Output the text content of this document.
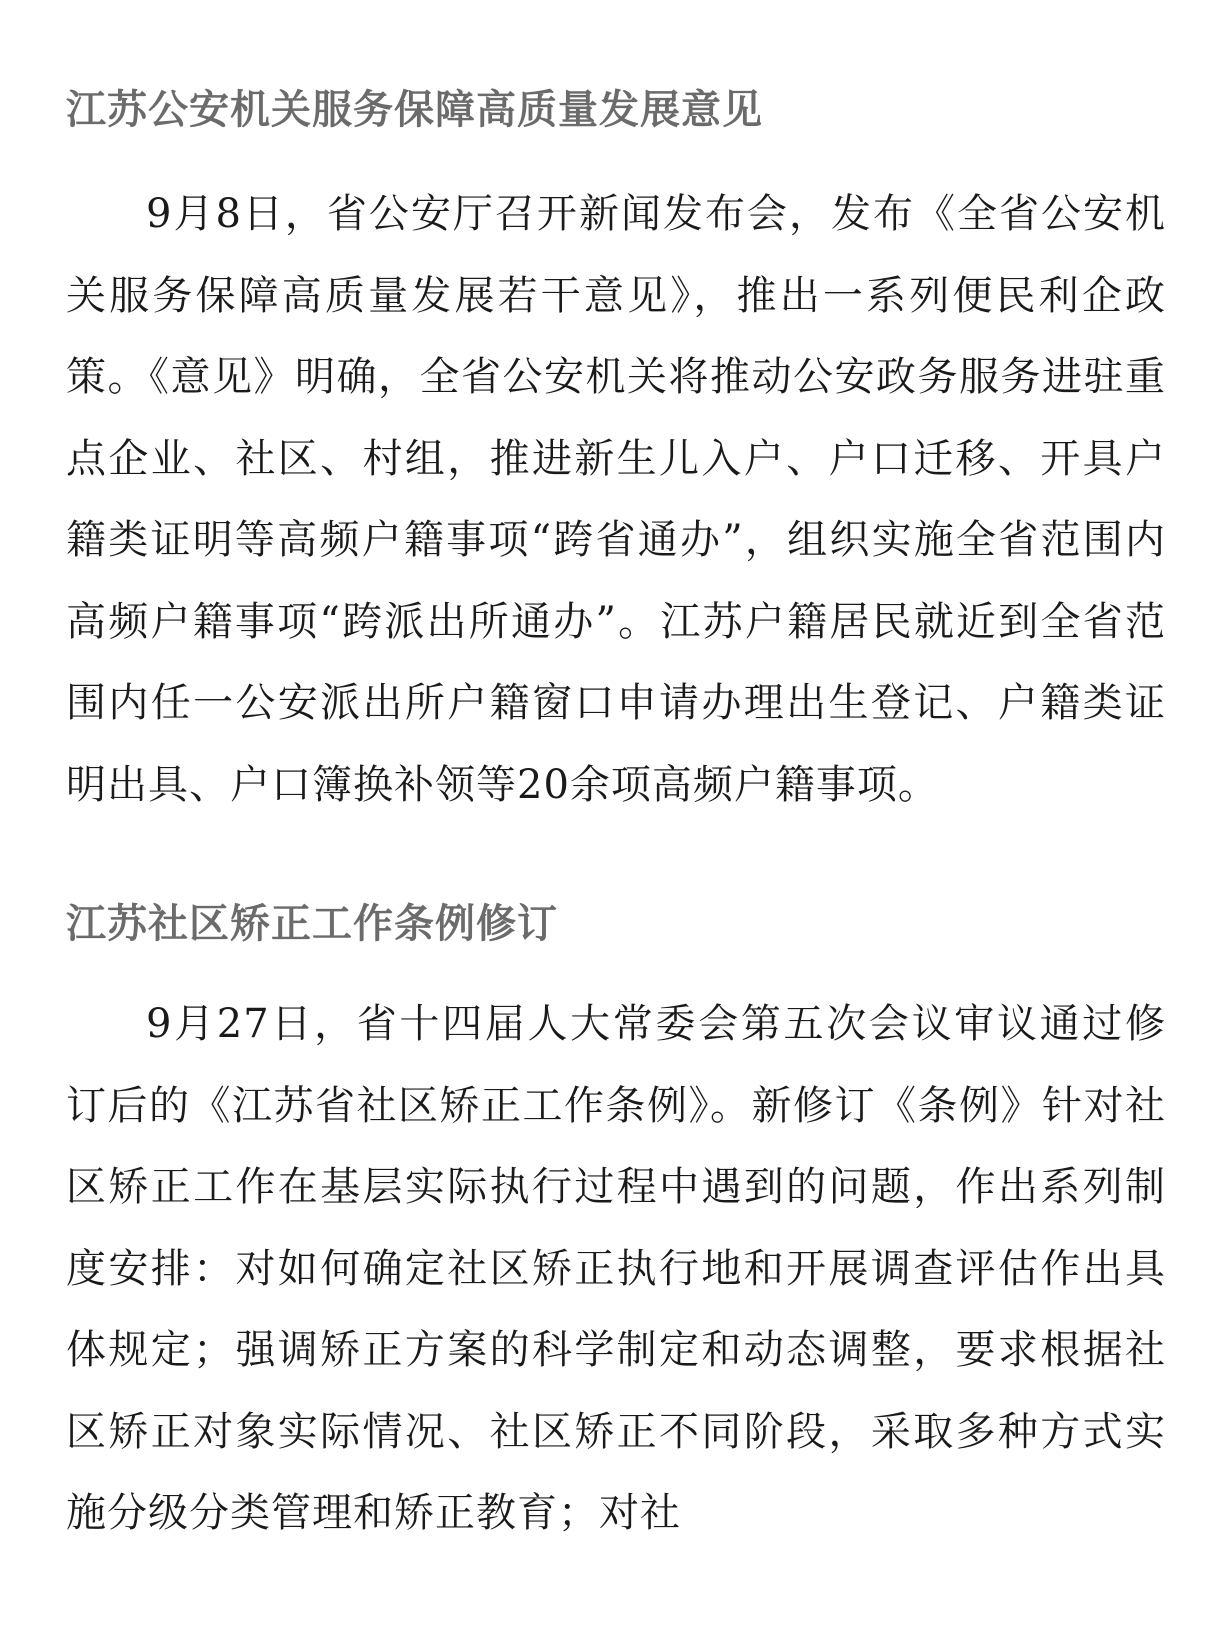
江苏公安机关服务保障高质量发展意见

9月8日，省公安厅召开新闻发布会，发布《全省公安机关服务保障高质量发展若干意见》，推出一系列便民利企政策。《意见》明确，全省公安机关将推动公安政务服务进驻重点企业、社区、村组，推进新生儿入户、户口迁移、开具户籍类证明等高频户籍事项“跨省通办”，组织实施全省范围内高频户籍事项“跨派出所通办”。江苏户籍居民就近到全省范围内任一公安派出所户籍窗口申请办理出生登记、户籍类证明出具、户口簿换补领等20余项高频户籍事项。

江苏社区矫正工作条例修订

9月27日，省十四届人大常委会第五次会议审议通过修订后的《江苏省社区矫正工作条例》。新修订《条例》针对社区矫正工作在基层实际执行过程中遇到的问题，作出系列制度安排：对如何确定社区矫正执行地和开展调查评估作出具体规定；强调矫正方案的科学制定和动态调整，要求根据社区矫正对象实际情况、社区矫正不同阶段，采取多种方式实施分级分类管理和矫正教育；对社
